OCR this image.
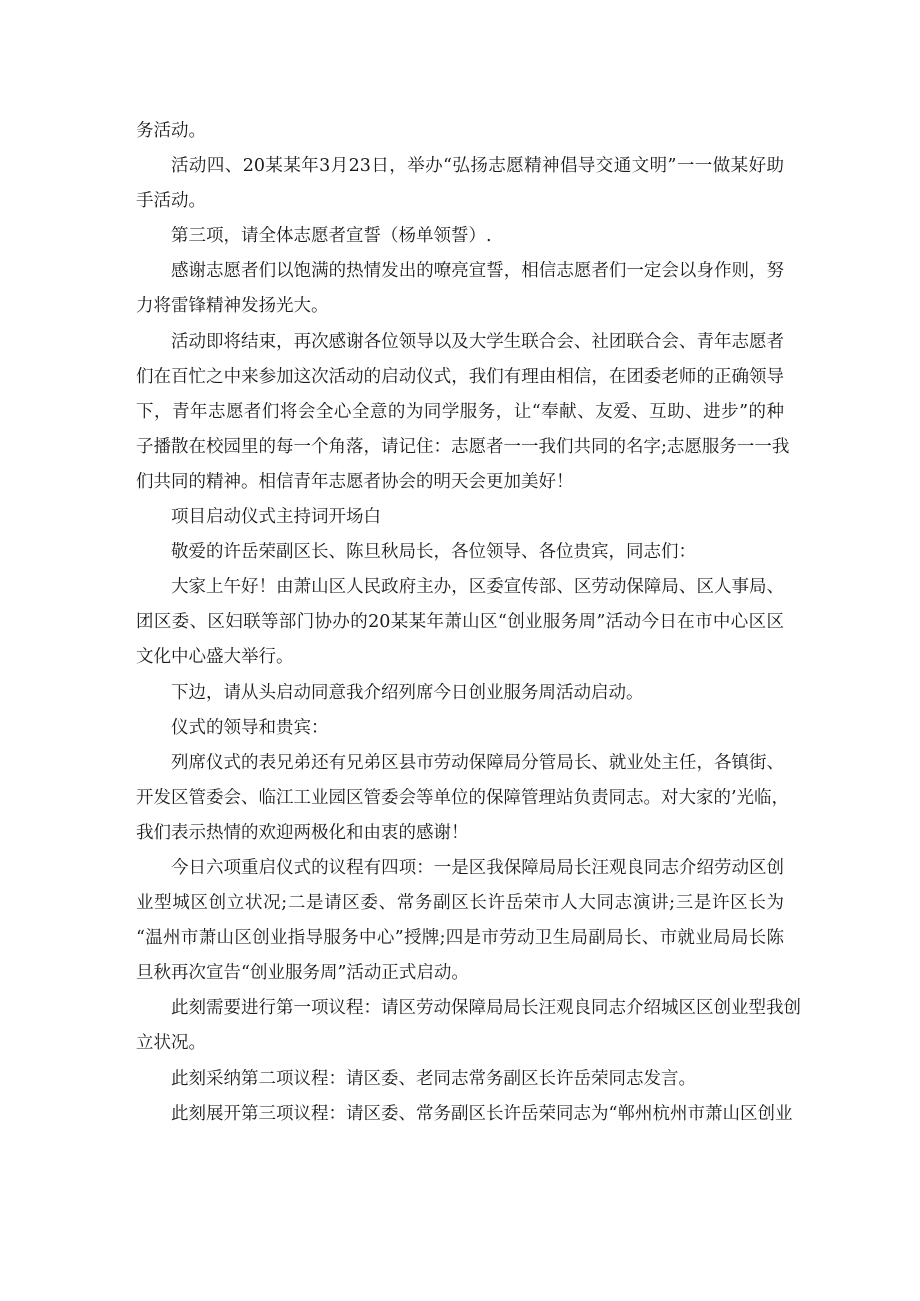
务活动。
活动四、20某某年3月23日，举办“弘扬志愿精神倡导交通文明”一一做某好助
手活动。
第三项，请全体志愿者宣誓（杨单领誓）.
感谢志愿者们以饱满的热情发出的嘹亮宣誓，相信志愿者们一定会以身作则，努
力将雷锋精神发扬光大。
活动即将结束，再次感谢各位领导以及大学生联合会、社团联合会、青年志愿者
们在百忙之中来参加这次活动的启动仪式，我们有理由相信，在团委老师的正确领导
下，青年志愿者们将会全心全意的为同学服务，让“奉献、友爱、互助、进步”的种
子播散在校园里的每一个角落，请记住：志愿者一一我们共同的名字;志愿服务一一我
们共同的精神。相信青年志愿者协会的明天会更加美好！
项目启动仪式主持词开场白
敬爱的许岳荣副区长、陈旦秋局长，各位领导、各位贵宾，同志们：
大家上午好！由萧山区人民政府主办，区委宣传部、区劳动保障局、区人事局、
团区委、区妇联等部门协办的20某某年萧山区“创业服务周”活动今日在市中心区区
文化中心盛大举行。
下边，请从头启动同意我介绍列席今日创业服务周活动启动。
仪式的领导和贵宾：
列席仪式的表兄弟还有兄弟区县市劳动保障局分管局长、就业处主任，各镇街、
开发区管委会、临江工业园区管委会等单位的保障管理站负责同志。对大家的’光临，
我们表示热情的欢迎两极化和由衷的感谢！
今日六项重启仪式的议程有四项：一是区我保障局局长汪观良同志介绍劳动区创
业型城区创立状况;二是请区委、常务副区长许岳荣市人大同志演讲;三是许区长为
“温州市萧山区创业指导服务中心”授牌;四是市劳动卫生局副局长、市就业局局长陈
旦秋再次宣告“创业服务周”活动正式启动。
此刻需要进行第一项议程：请区劳动保障局局长汪观良同志介绍城区区创业型我创
立状况。
此刻采纳第二项议程：请区委、老同志常务副区长许岳荣同志发言。
此刻展开第三项议程：请区委、常务副区长许岳荣同志为“郸州杭州市萧山区创业
